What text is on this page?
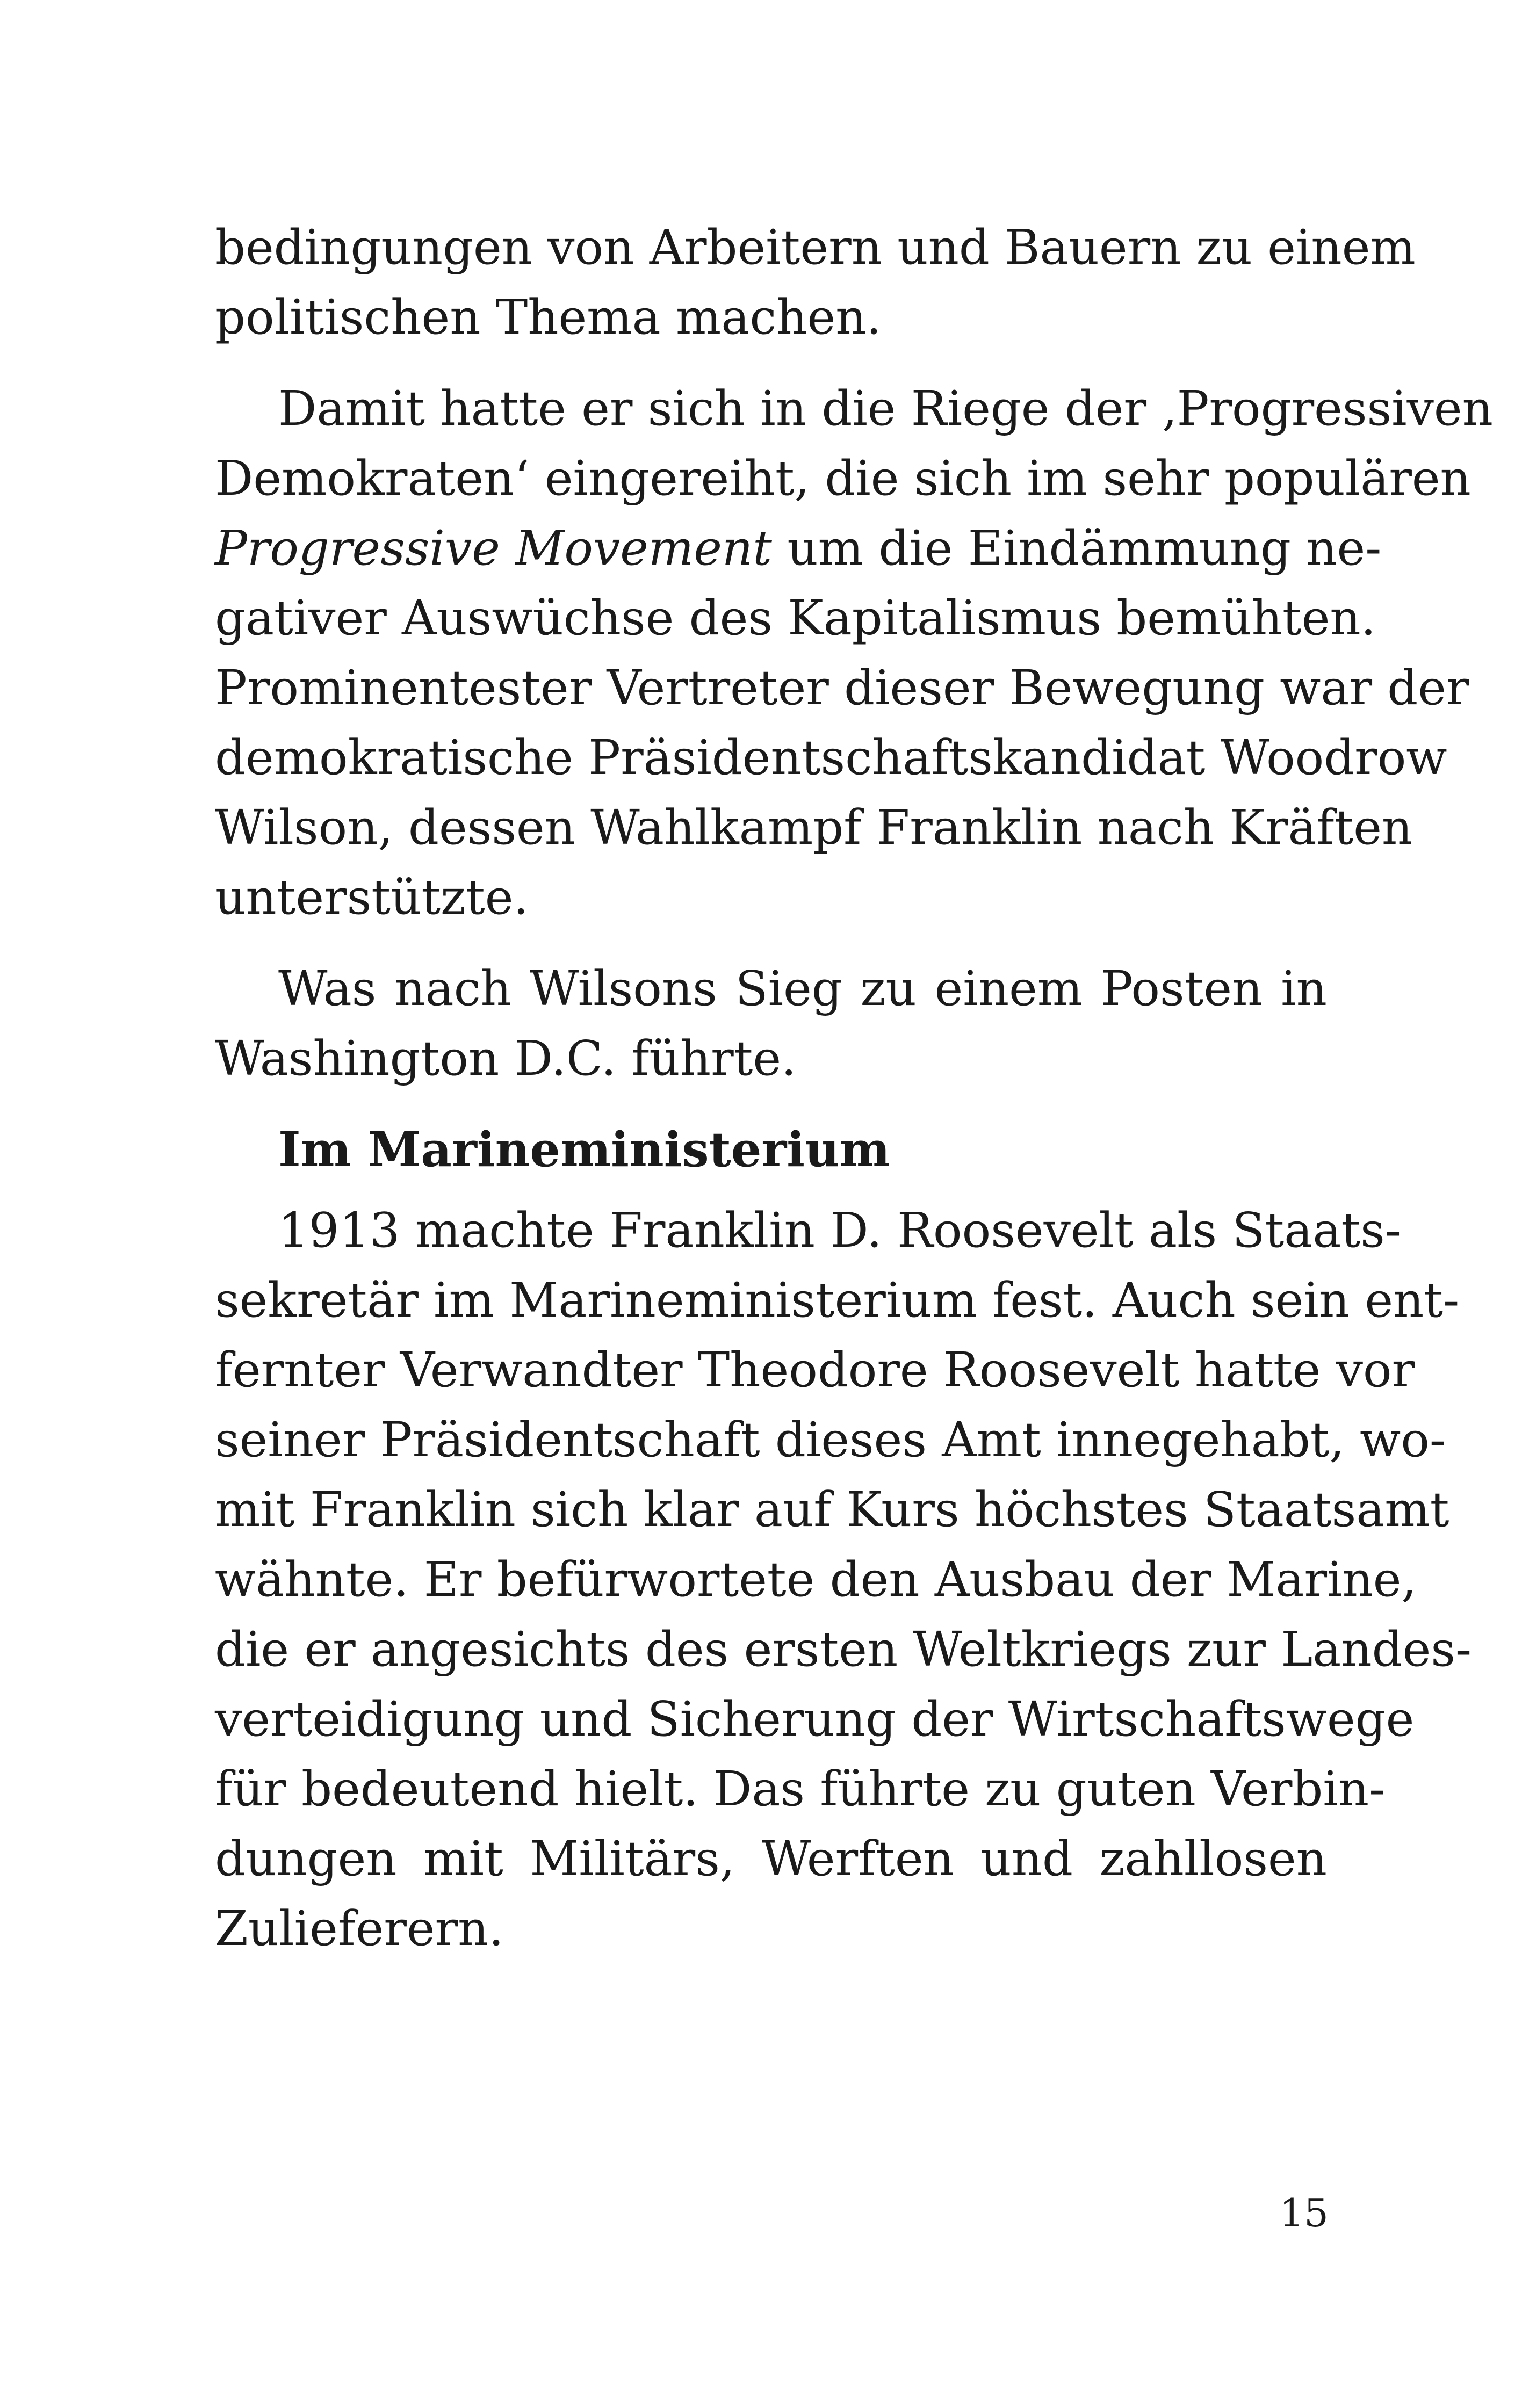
bedingungen von Arbeitern und Bauern zu einem
politischen Thema machen.
Damit hatte er sich in die Riege der ‚Progressiven
Demokraten‘ eingereiht, die sich im sehr populären
Progressive Movement um die Eindämmung ne-
gativer Auswüchse des Kapitalismus bemühten.
Prominentester Vertreter dieser Bewegung war der
demokratische Präsidentschaftskandidat Woodrow
Wilson, dessen Wahlkampf Franklin nach Kräften
unterstützte.
Was nach Wilsons Sieg zu einem Posten in
Washington D.C. führte.
Im Marineministerium
1913 machte Franklin D. Roosevelt als Staats-
sekretär im Marineministerium fest. Auch sein ent-
fernter Verwandter Theodore Roosevelt hatte vor
seiner Präsidentschaft dieses Amt innegehabt, wo-
mit Franklin sich klar auf Kurs höchstes Staatsamt
wähnte. Er befürwortete den Ausbau der Marine,
die er angesichts des ersten Weltkriegs zur Landes-
verteidigung und Sicherung der Wirtschaftswege
für bedeutend hielt. Das führte zu guten Verbin-
dungen mit Militärs, Werften und zahllosen
Zulieferern.
15
